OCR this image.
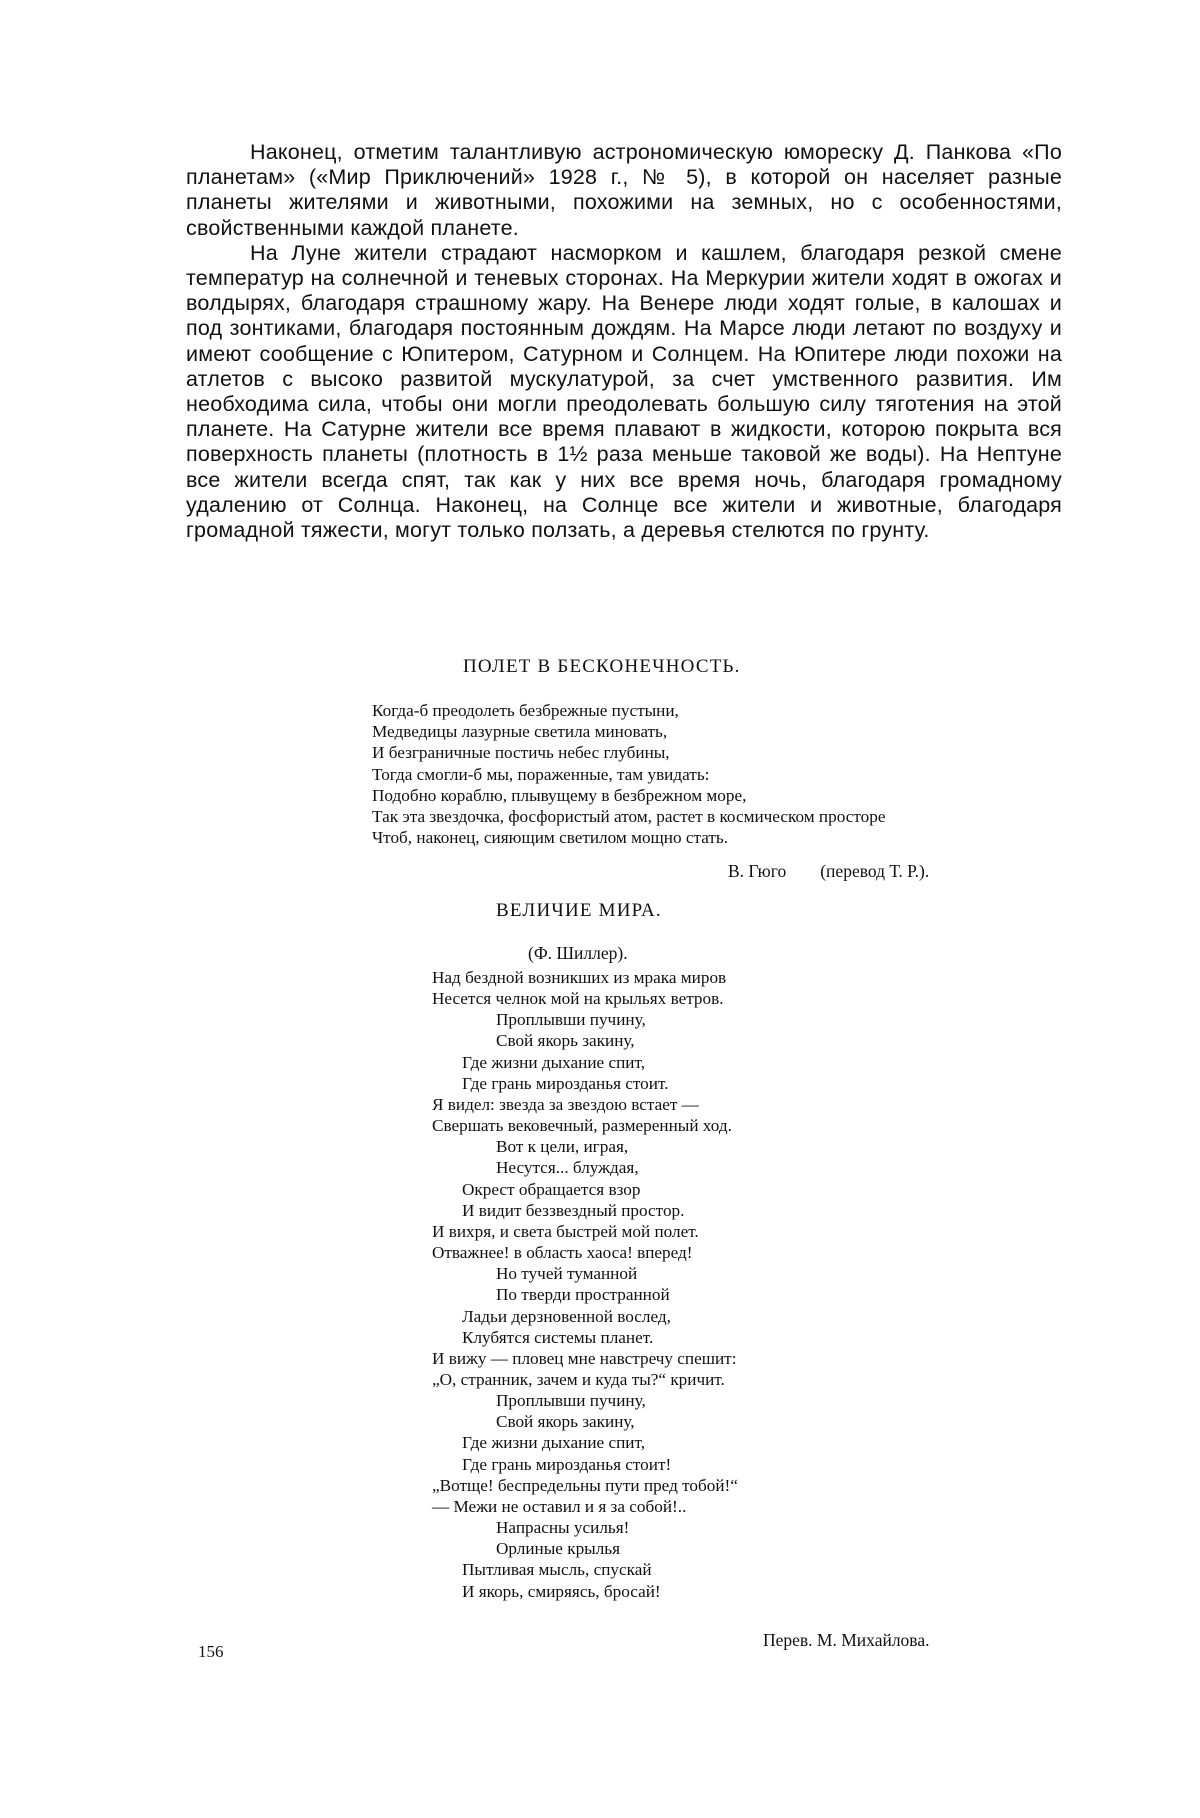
Наконец, отметим талантливую астрономическую юмореску Д. Панкова «По планетам» («Мир Приключений» 1928 г., № 5), в которой он населяет разные планеты жителями и животными, похожими на земных, но с особенностями, свойственными каждой планете.

На Луне жители страдают насморком и кашлем, благодаря резкой смене температур на солнечной и теневых сторонах. На Меркурии жители ходят в ожогах и волдырях, благодаря страшному жару. На Венере люди ходят голые, в калошах и под зонтиками, благодаря постоянным дождям. На Марсе люди летают по воздуху и имеют сообщение с Юпитером, Сатурном и Солнцем. На Юпитере люди похожи на атлетов с высоко развитой мускулатурой, за счет умственного развития. Им необходима сила, чтобы они могли преодолевать большую силу тяготения на этой планете. На Сатурне жители все время плавают в жидкости, которою покрыта вся поверхность планеты (плотность в 1½ раза меньше таковой же воды). На Нептуне все жители всегда спят, так как у них все время ночь, благодаря громадному удалению от Солнца. Наконец, на Солнце все жители и животные, благодаря громадной тяжести, могут только ползать, а деревья стелются по грунту.

ПОЛЕТ В БЕСКОНЕЧНОСТЬ.
Когда-б преодолеть безбрежные пустыни,
Медведицы лазурные светила миновать,
И безграничные постичь небес глубины,
Тогда смогли-б мы, пораженные, там увидать:
Подобно кораблю, плывущему в безбрежном море,
Так эта звездочка, фосфористый атом, растет в космическом просторе
Чтоб, наконец, сияющим светилом мощно стать.
В. Гюго (перевод Т. Р.).
ВЕЛИЧИЕ МИРА.
(Ф. Шиллер).
Над бездной возникших из мрака миров
Несется челнок мой на крыльях ветров.
Проплывши пучину,
Свой якорь закину,
Где жизни дыхание спит,
Где грань мирозданья стоит.
Я видел: звезда за звездою встает —
Свершать вековечный, размеренный ход.
Вот к цели, играя,
Несутся... блуждая,
Окрест обращается взор
И видит беззвездный простор.
И вихря, и света быстрей мой полет.
Отважнее! в область хаоса! вперед!
Но тучей туманной
По тверди пространной
Ладьи дерзновенной вослед,
Клубятся системы планет.
И вижу — пловец мне навстречу спешит:
„О, странник, зачем и куда ты?“ кричит.
Проплывши пучину,
Свой якорь закину,
Где жизни дыхание спит,
Где грань мирозданья стоит!
„Вотще! беспредельны пути пред тобой!“
— Межи не оставил и я за собой!..
Напрасны усилья!
Орлиные крылья
Пытливая мысль, спускай
И якорь, смиряясь, бросай!
Перев. М. Михайлова.
156
